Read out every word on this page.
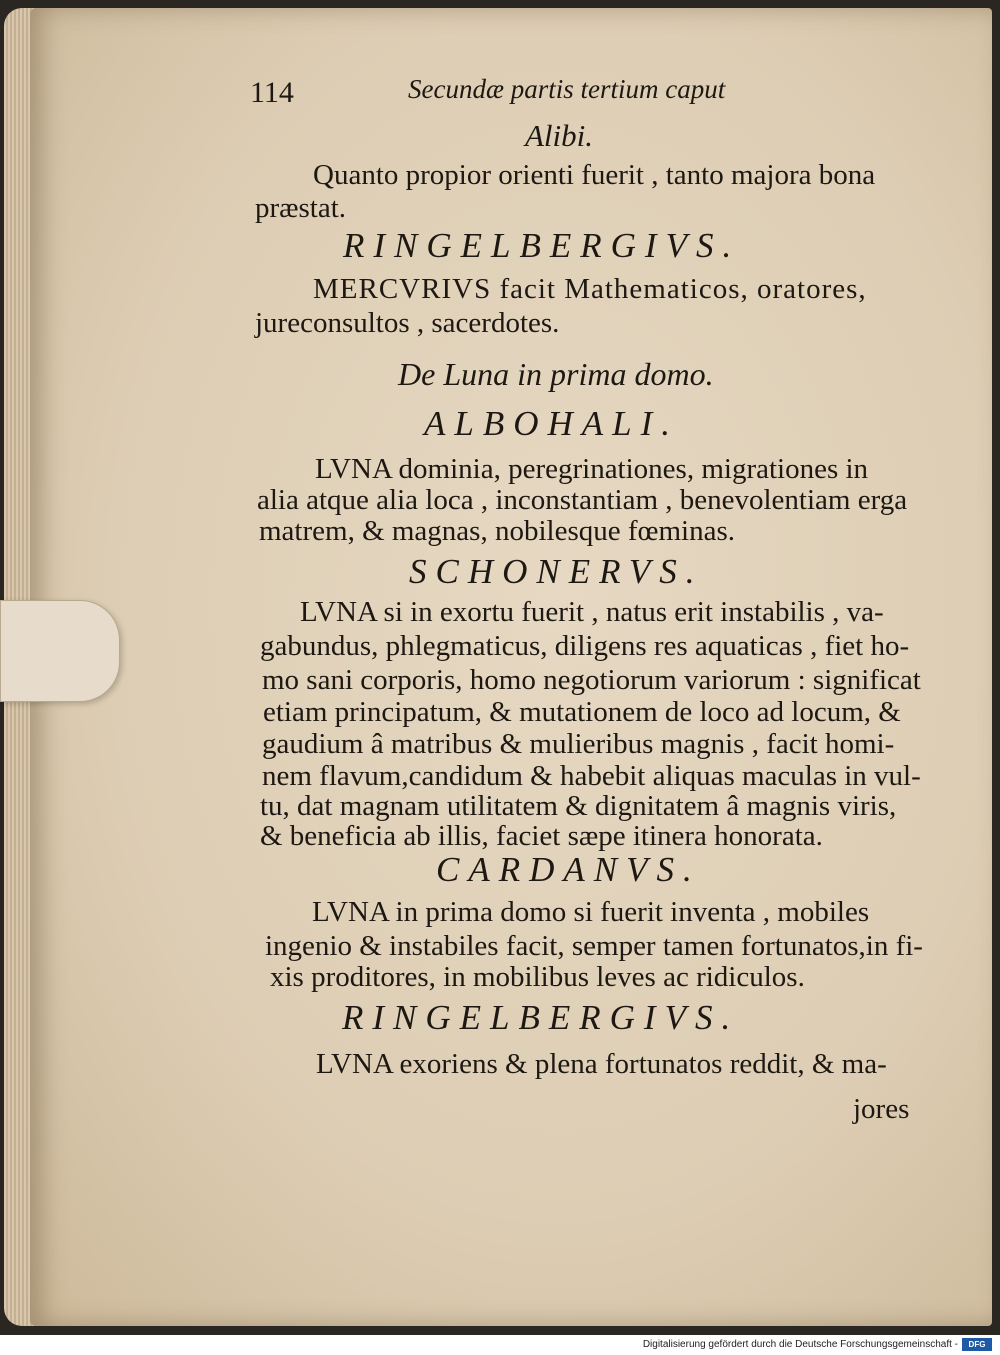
114	Secundæ partis tertium caput
Alibi.
Quanto propior orienti fuerit , tanto majora bona
præstat.
RINGELBERGIVS.
MERCVRIVS facit Mathematicos, oratores,
jureconsultos , sacerdotes.
De Luna in prima domo.
ALBOHALI.
LVNA dominia, peregrinationes, migrationes in
alia atque alia loca , inconstantiam , benevolentiam erga
matrem, & magnas, nobilesque fœminas.
SCHONERVS.
LVNA si in exortu fuerit , natus erit instabilis , va-
gabundus, phlegmaticus, diligens res aquaticas , fiet ho-
mo sani corporis, homo negotiorum variorum : significat
etiam principatum, & mutationem de loco ad locum, &
gaudium â matribus & mulieribus magnis , facit homi-
nem flavum,candidum & habebit aliquas maculas in vul-
tu, dat magnam utilitatem & dignitatem â magnis viris,
& beneficia ab illis, faciet sæpe itinera honorata.
CARDANVS.
LVNA in prima domo si fuerit inventa , mobiles
ingenio & instabiles facit, semper tamen fortunatos,in fi-
xis proditores, in mobilibus leves ac ridiculos.
RINGELBERGIVS.
LVNA exoriens & plena fortunatos reddit, & ma-
jores
Digitalisierung gefördert durch die Deutsche Forschungsgemeinschaft -	DFG
